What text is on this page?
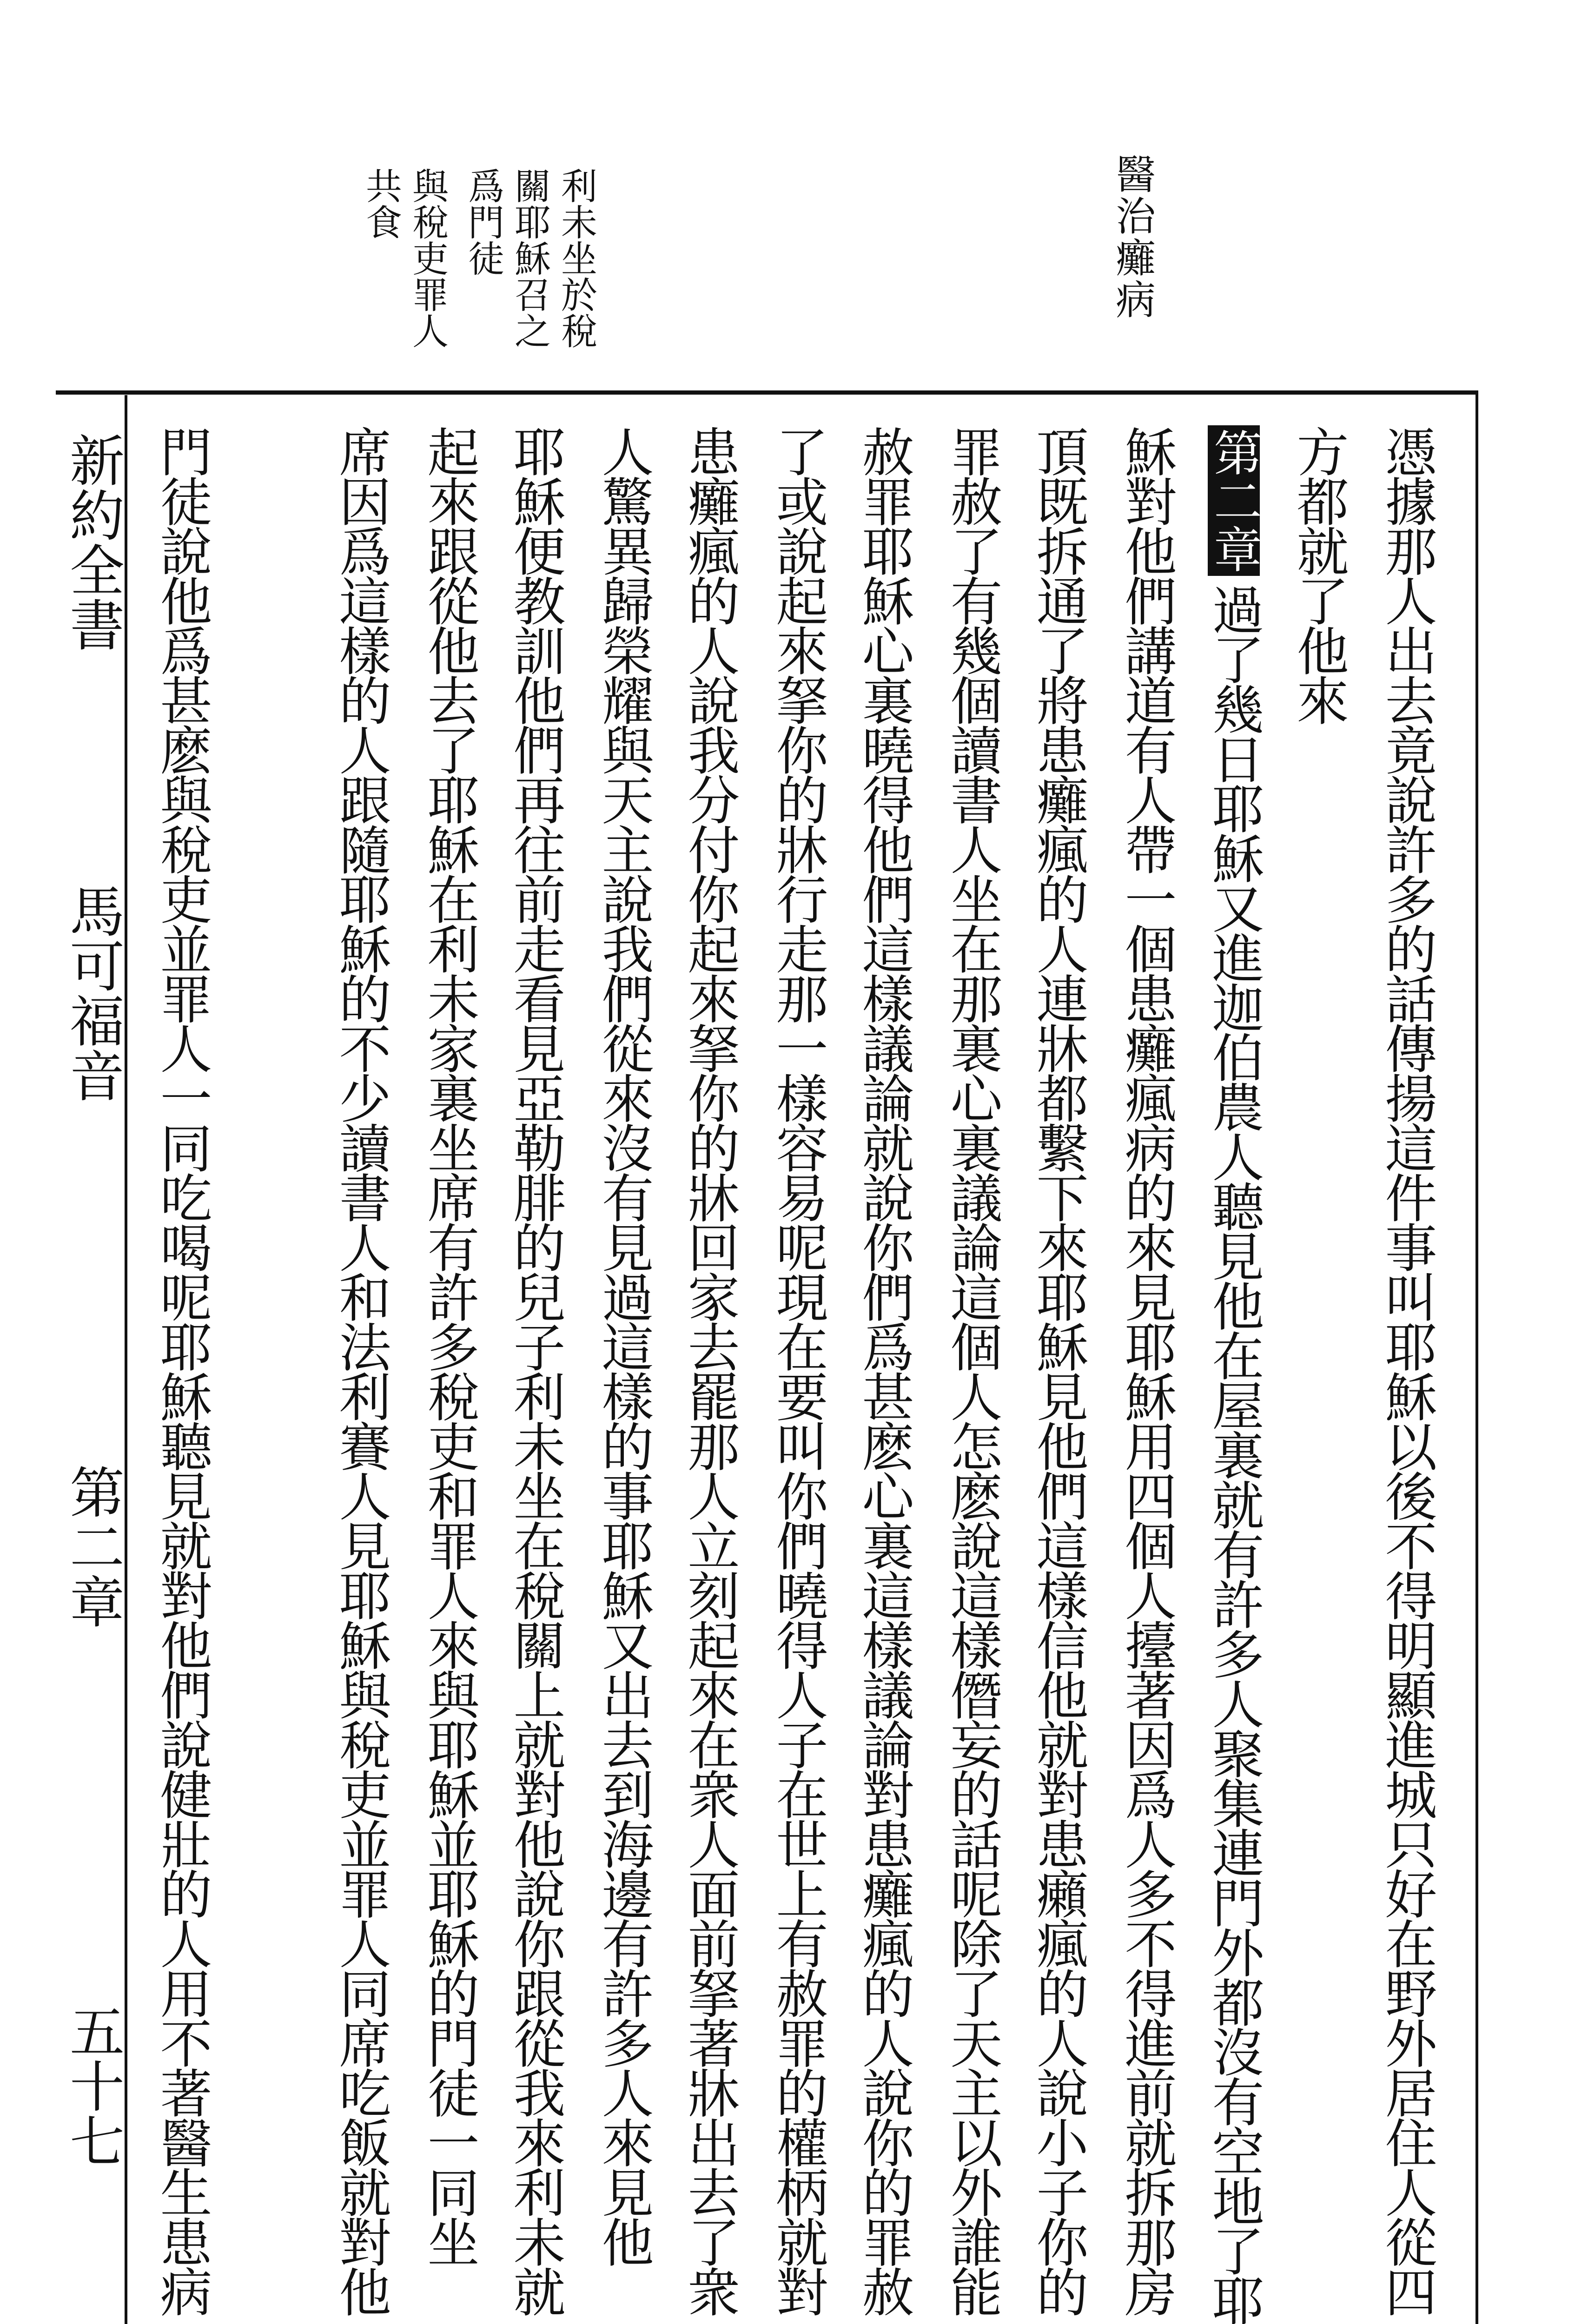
醫治癱病
利未坐於稅
關耶穌召之
爲門徒
與稅吏罪人
共食
憑據那人出去竟說許多的話傳揚這件事叫耶穌以後不得明顯進城只好在野外居住人從四
方都就了他來
第二章
過了幾日耶穌又進迦伯農人聽見他在屋裏就有許多人聚集連門外都沒有空地了耶
穌對他們講道有人帶一個患癱瘋病的來見耶穌用四個人擡著因爲人多不得進前就拆那房
頂既拆通了將患癱瘋的人連牀都繫下來耶穌見他們這樣信他就對患癩瘋的人說小子你的
罪赦了有幾個讀書人坐在那裏心裏議論這個人怎麽說這樣僭妄的話呢除了天主以外誰能
赦罪耶穌心裏曉得他們這樣議論就說你們爲甚麽心裏這樣議論對患癱瘋的人說你的罪赦
了或說起來拏你的牀行走那一樣容易呢現在要叫你們曉得人子在世上有赦罪的權柄就對
患癱瘋的人說我分付你起來拏你的牀回家去罷那人立刻起來在衆人面前拏著牀出去了衆
人驚異歸榮耀與天主說我們從來沒有見過這樣的事耶穌又出去到海邊有許多人來見他
耶穌便教訓他們再往前走看見亞勒腓的兒子利未坐在稅關上就對他說你跟從我來利未就
起來跟從他去了耶穌在利未家裏坐席有許多稅吏和罪人來與耶穌並耶穌的門徒一同坐
席因爲這樣的人跟隨耶穌的不少讀書人和法利賽人見耶穌與稅吏並罪人同席吃飯就對他
門徒說他爲甚麽與稅吏並罪人一同吃喝呢耶穌聽見就對他們說健壯的人用不著醫生患病
新約全書
馬可福音
第二章
五十七
